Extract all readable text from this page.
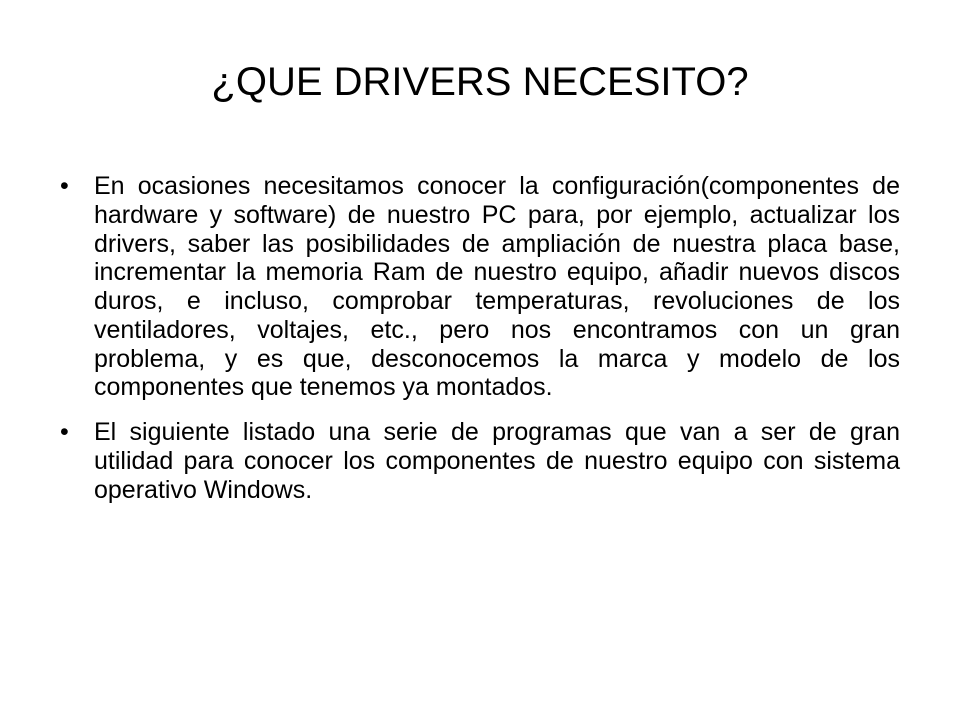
¿QUE DRIVERS NECESITO?
•	En ocasiones necesitamos conocer la configuración(componentes de hardware y software) de nuestro PC para, por ejemplo, actualizar los drivers, saber las posibilidades de ampliación de nuestra placa base, incrementar la memoria Ram de nuestro equipo, añadir nuevos discos duros, e incluso, comprobar temperaturas, revoluciones de los ventiladores, voltajes, etc., pero nos encontramos con un gran problema, y es que, desconocemos la marca y modelo de los componentes que tenemos ya montados.
•	El siguiente listado una serie de programas que van a ser de gran utilidad para conocer los componentes de nuestro equipo con sistema operativo Windows.
